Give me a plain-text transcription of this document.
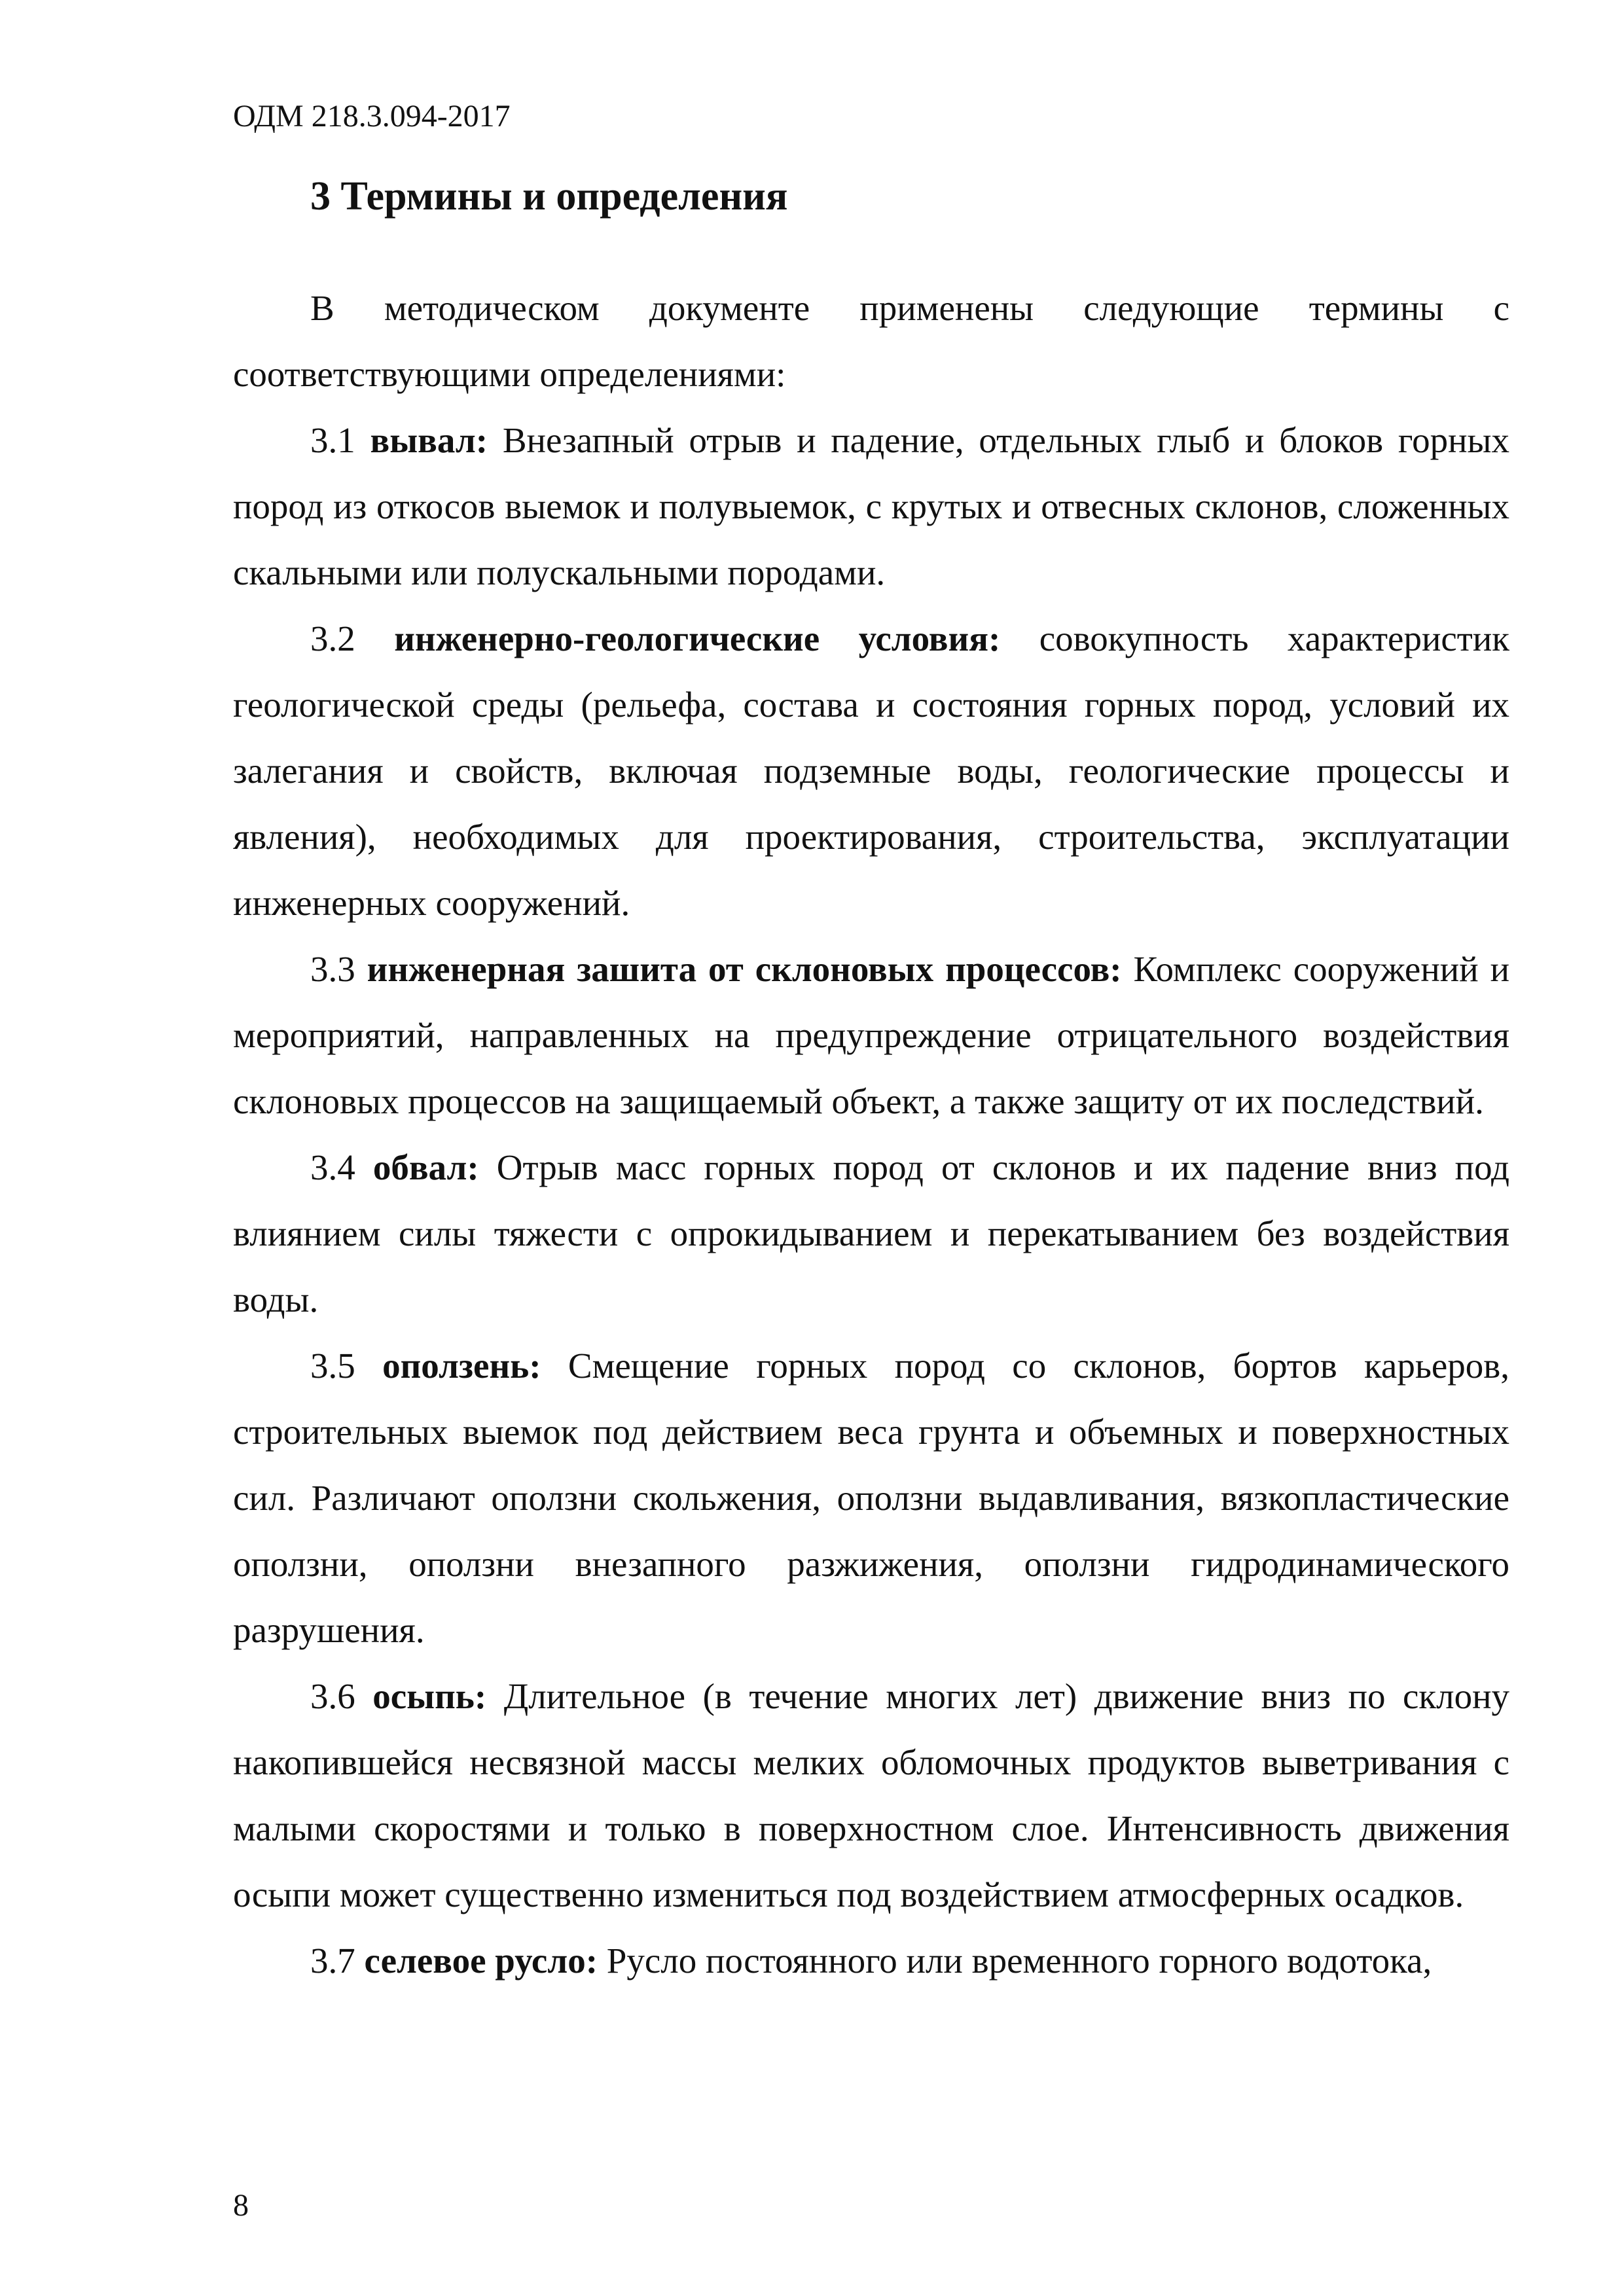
ОДМ 218.3.094-2017
3 Термины и определения

В методическом документе применены следующие термины с соответствующими определениями:

3.1 вывал: Внезапный отрыв и падение, отдельных глыб и блоков горных пород из откосов выемок и полувыемок, с крутых и отвесных склонов, сложенных скальными или полускальными породами.

3.2 инженерно-геологические условия: совокупность характеристик геологической среды (рельефа, состава и состояния горных пород, условий их залегания и свойств, включая подземные воды, геологические процессы и явления), необходимых для проектирования, строительства, эксплуатации инженерных сооружений.

3.3 инженерная зашита от склоновых процессов: Комплекс сооружений и мероприятий, направленных на предупреждение отрицательного воздействия склоновых процессов на защищаемый объект, а также защиту от их последствий.

3.4 обвал: Отрыв масс горных пород от склонов и их падение вниз под влиянием силы тяжести с опрокидыванием и перекатыванием без воздействия воды.

3.5 оползень: Смещение горных пород со склонов, бортов карьеров, строительных выемок под действием веса грунта и объемных и поверхностных сил. Различают оползни скольжения, оползни выдавливания, вязкопластические оползни, оползни внезапного разжижения, оползни гидродинамического разрушения.

3.6 осыпь: Длительное (в течение многих лет) движение вниз по склону накопившейся несвязной массы мелких обломочных продуктов выветривания с малыми скоростями и только в поверхностном слое. Интенсивность движения осыпи может существенно измениться под воздействием атмосферных осадков.

3.7 селевое русло: Русло постоянного или временного горного водотока,

8
